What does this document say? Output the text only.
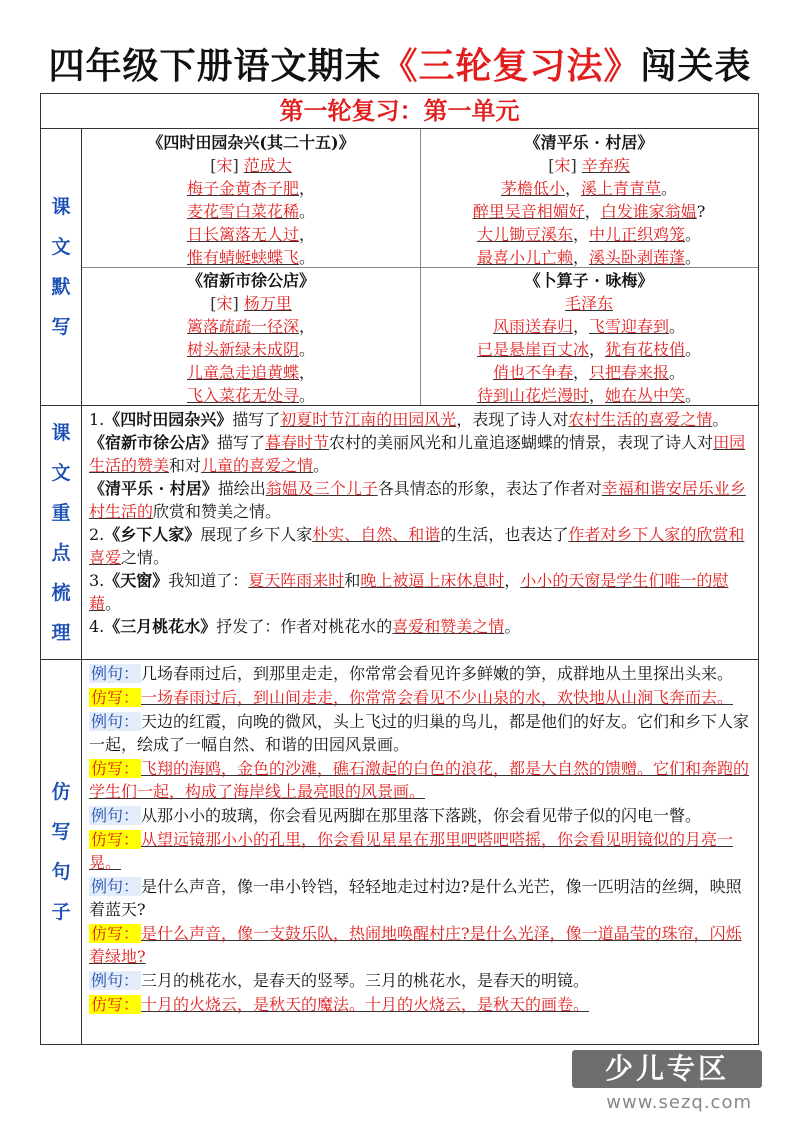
四年级下册语文期末《三轮复习法》闯关表
第一轮复习：第一单元
课
文
默
写
《四时田园杂兴(其二十五)》
[宋] 范成大
梅子金黄杏子肥，
麦花雪白菜花稀。
日长篱落无人过，
惟有蜻蜓蛱蝶飞。
《清平乐 · 村居》
[宋] 辛弃疾
茅檐低小，溪上青青草。
醉里吴音相媚好，白发谁家翁媪?
大儿锄豆溪东，中儿正织鸡笼。
最喜小儿亡赖，溪头卧剥莲蓬。
《宿新市徐公店》
[宋] 杨万里
篱落疏疏一径深，
树头新绿未成阴。
儿童急走追黄蝶，
飞入菜花无处寻。
《卜算子 · 咏梅》
毛泽东
风雨送春归，飞雪迎春到。
已是悬崖百丈冰，犹有花枝俏。
俏也不争春，只把春来报。
待到山花烂漫时，她在丛中笑。
课
文
重
点
梳
理

1.《四时田园杂兴》描写了初夏时节江南的田园风光，表现了诗人对农村生活的喜爱之情。

《宿新市徐公店》描写了暮春时节农村的美丽风光和儿童追逐蝴蝶的情景，表现了诗人对田园生活的赞美和对儿童的喜爱之情。

《清平乐 · 村居》描绘出翁媪及三个儿子各具情态的形象，表达了作者对幸福和谐安居乐业乡村生活的欣赏和赞美之情。

2.《乡下人家》展现了乡下人家朴实、自然、和谐的生活，也表达了作者对乡下人家的欣赏和喜爱之情。

3.《天窗》我知道了：夏天阵雨来时和晚上被逼上床休息时，小小的天窗是学生们唯一的慰藉。

4.《三月桃花水》抒发了：作者对桃花水的喜爱和赞美之情。

仿
写
句
子

例句： 几场春雨过后，到那里走走，你常常会看见许多鲜嫩的笋，成群地从土里探出头来。

仿写： 一场春雨过后，到山间走走，你常常会看见不少山泉的水，欢快地从山涧飞奔而去。

例句： 天边的红霞，向晚的微风，头上飞过的归巢的鸟儿，都是他们的好友。它们和乡下人家一起，绘成了一幅自然、和谐的田园风景画。

仿写： 飞翔的海鸥，金色的沙滩，礁石激起的白色的浪花，都是大自然的馈赠。它们和奔跑的学生们一起，构成了海岸线上最亮眼的风景画。

例句： 从那小小的玻璃，你会看见两脚在那里落下落跳，你会看见带子似的闪电一瞥。

仿写： 从望远镜那小小的孔里，你会看见星星在那里吧嗒吧嗒摇，你会看见明镜似的月亮一晃。

例句： 是什么声音，像一串小铃铛，轻轻地走过村边?是什么光芒，像一匹明洁的丝绸，映照着蓝天?

仿写： 是什么声音，像一支鼓乐队，热闹地唤醒村庄?是什么光泽，像一道晶莹的珠帘，闪烁着绿地?

例句： 三月的桃花水，是春天的竖琴。三月的桃花水，是春天的明镜。

仿写： 十月的火烧云，是秋天的魔法。十月的火烧云，是秋天的画卷。

少儿专区
www.sezq.com
